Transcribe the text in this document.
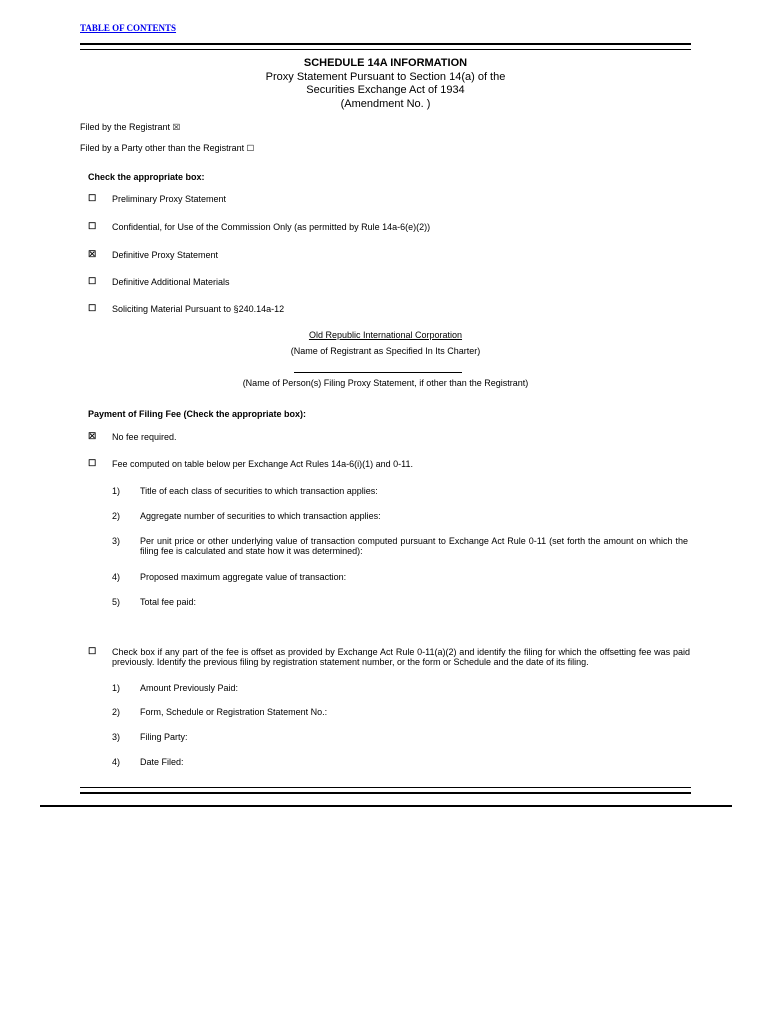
TABLE OF CONTENTS
SCHEDULE 14A INFORMATION
Proxy Statement Pursuant to Section 14(a) of the
Securities Exchange Act of 1934
(Amendment No. )
Filed by the Registrant ☒
Filed by a Party other than the Registrant ☐
Check the appropriate box:
☐ Preliminary Proxy Statement
☐ Confidential, for Use of the Commission Only (as permitted by Rule 14a-6(e)(2))
☒ Definitive Proxy Statement
☐ Definitive Additional Materials
☐ Soliciting Material Pursuant to §240.14a-12
Old Republic International Corporation
(Name of Registrant as Specified In Its Charter)
(Name of Person(s) Filing Proxy Statement, if other than the Registrant)
Payment of Filing Fee (Check the appropriate box):
☒ No fee required.
☐ Fee computed on table below per Exchange Act Rules 14a-6(i)(1) and 0-11.
1) Title of each class of securities to which transaction applies:
2) Aggregate number of securities to which transaction applies:
3) Per unit price or other underlying value of transaction computed pursuant to Exchange Act Rule 0-11 (set forth the amount on which the filing fee is calculated and state how it was determined):
4) Proposed maximum aggregate value of transaction:
5) Total fee paid:
☐ Check box if any part of the fee is offset as provided by Exchange Act Rule 0-11(a)(2) and identify the filing for which the offsetting fee was paid previously. Identify the previous filing by registration statement number, or the form or Schedule and the date of its filing.
1) Amount Previously Paid:
2) Form, Schedule or Registration Statement No.:
3) Filing Party:
4) Date Filed:
